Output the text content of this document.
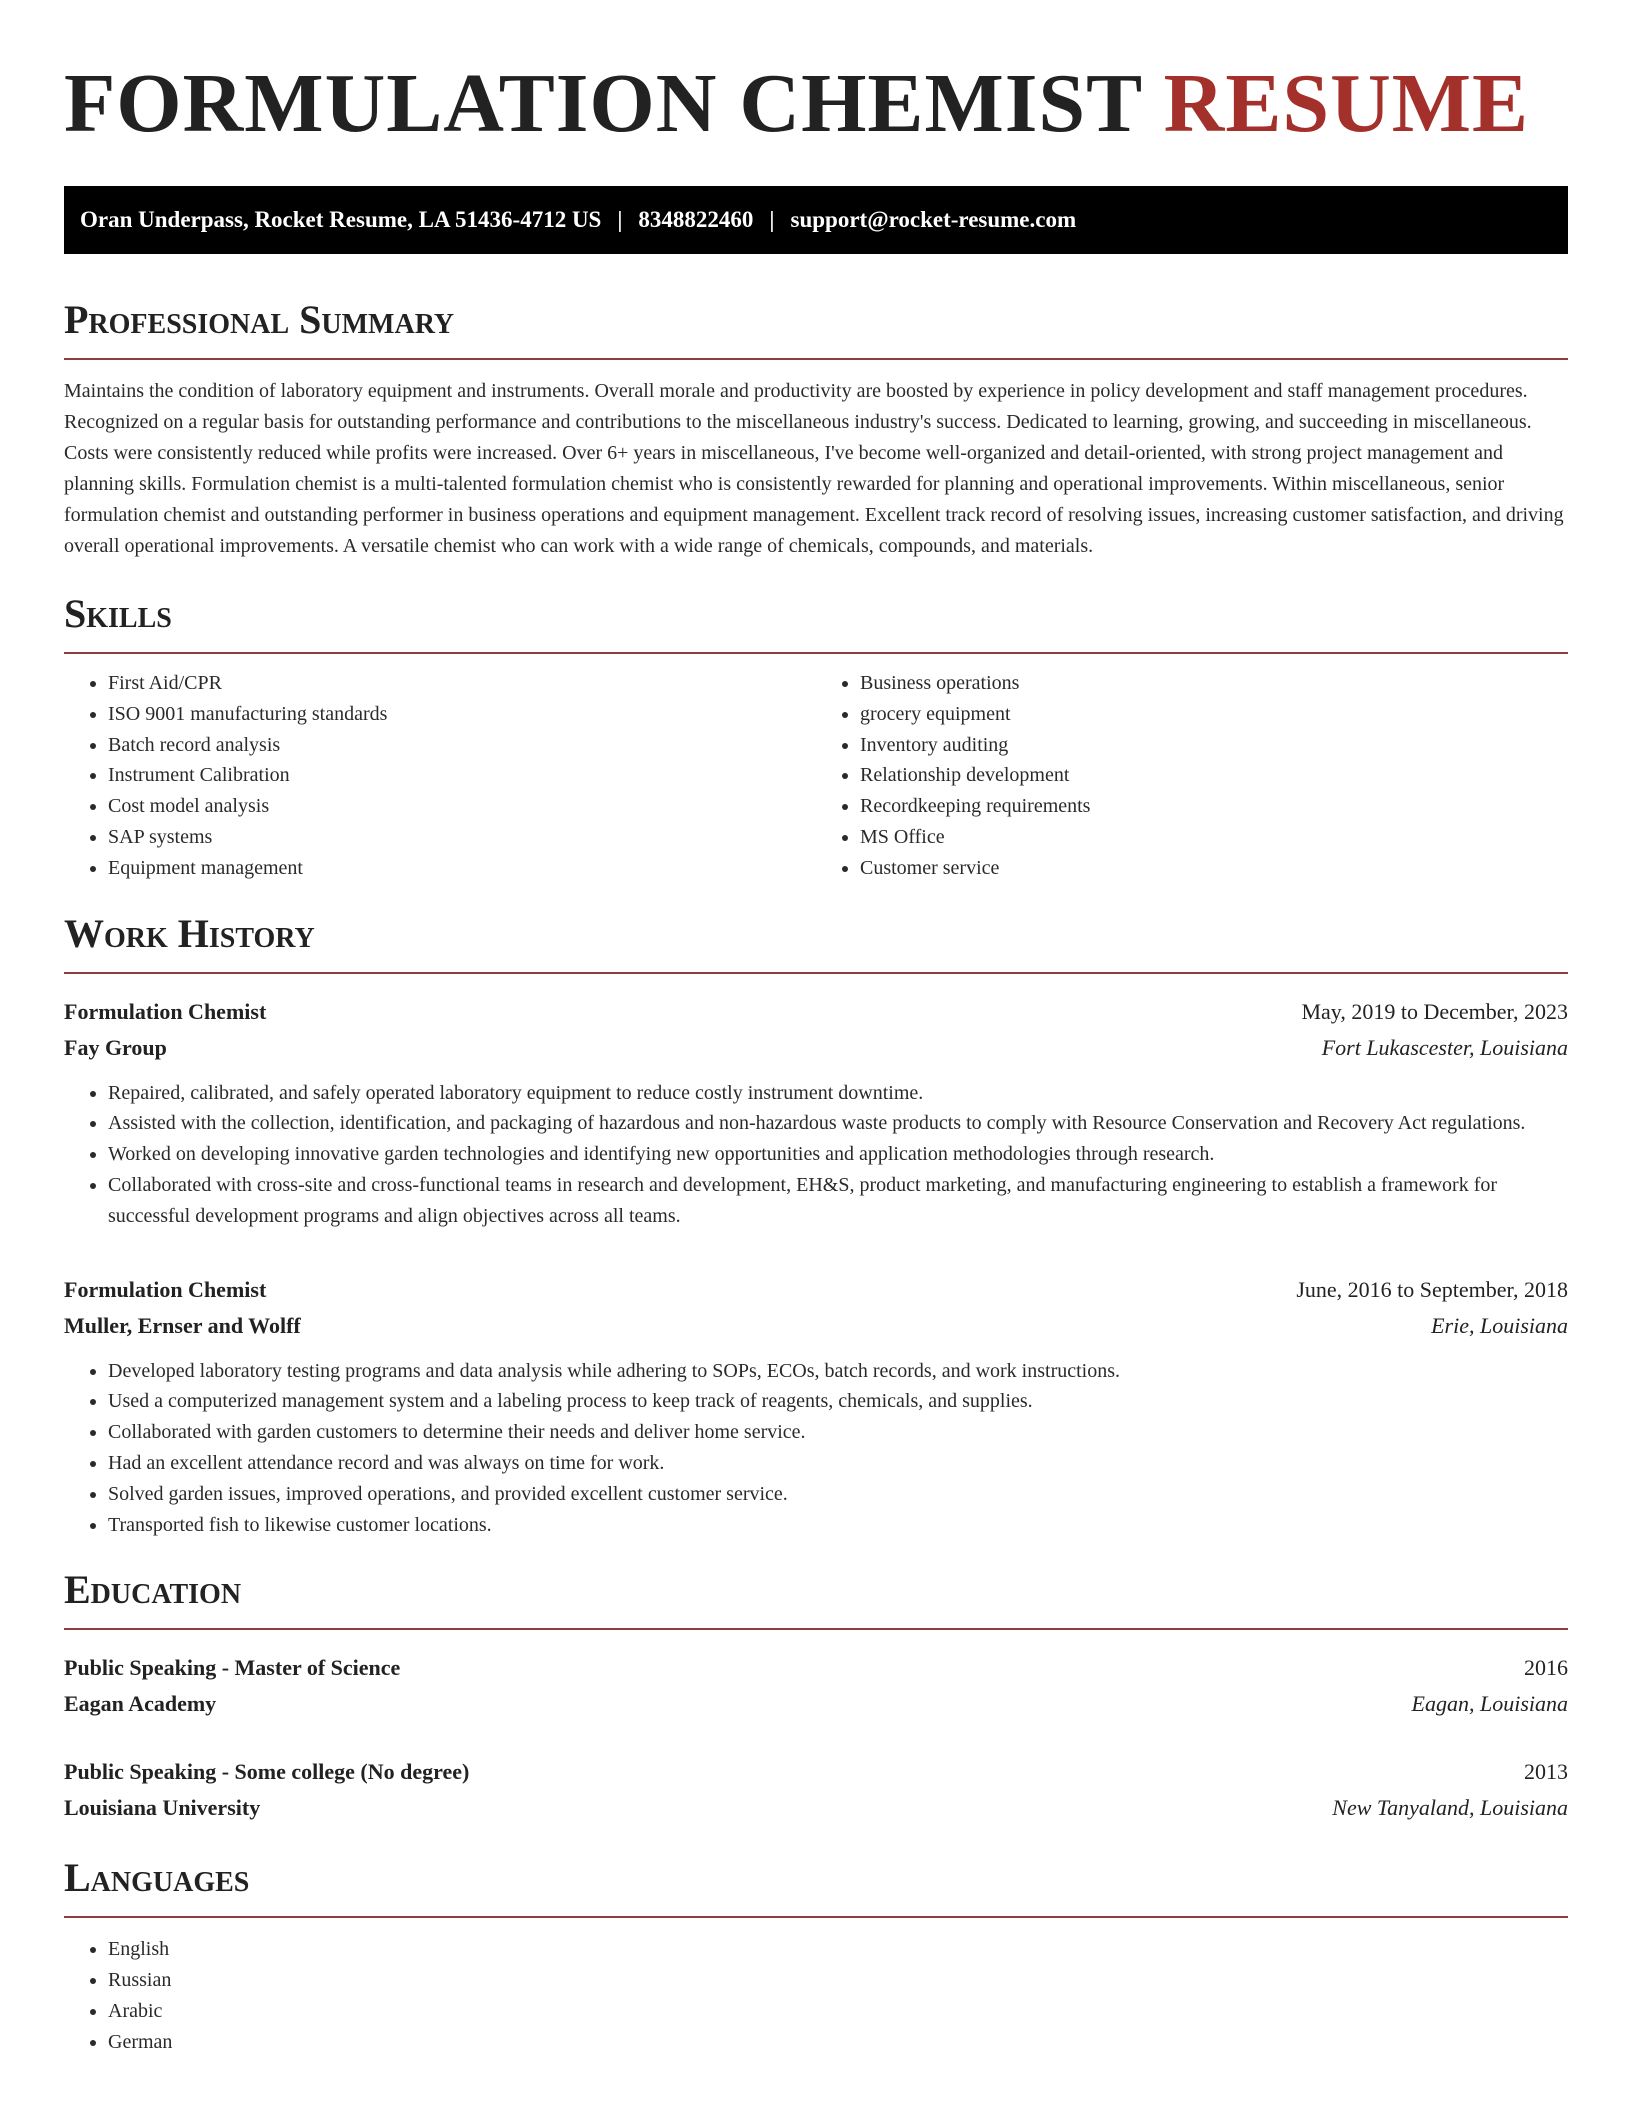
FORMULATION CHEMIST RESUME
Oran Underpass, Rocket Resume, LA 51436-4712 US | 8348822460 | support@rocket-resume.com
Professional Summary

Maintains the condition of laboratory equipment and instruments. Overall morale and productivity are boosted by experience in policy development and staff management procedures. Recognized on a regular basis for outstanding performance and contributions to the miscellaneous industry's success. Dedicated to learning, growing, and succeeding in miscellaneous. Costs were consistently reduced while profits were increased. Over 6+ years in miscellaneous, I've become well-organized and detail-oriented, with strong project management and planning skills. Formulation chemist is a multi-talented formulation chemist who is consistently rewarded for planning and operational improvements. Within miscellaneous, senior formulation chemist and outstanding performer in business operations and equipment management. Excellent track record of resolving issues, increasing customer satisfaction, and driving overall operational improvements. A versatile chemist who can work with a wide range of chemicals, compounds, and materials.

Skills
• First Aid/CPR
• ISO 9001 manufacturing standards
• Batch record analysis
• Instrument Calibration
• Cost model analysis
• SAP systems
• Equipment management
• Business operations
• grocery equipment
• Inventory auditing
• Relationship development
• Recordkeeping requirements
• MS Office
• Customer service
Work History
Formulation Chemist	May, 2019 to December, 2023
Fay Group	Fort Lukascester, Louisiana
• Repaired, calibrated, and safely operated laboratory equipment to reduce costly instrument downtime.
• Assisted with the collection, identification, and packaging of hazardous and non-hazardous waste products to comply with Resource Conservation and Recovery Act regulations.
• Worked on developing innovative garden technologies and identifying new opportunities and application methodologies through research.
• Collaborated with cross-site and cross-functional teams in research and development, EH&S, product marketing, and manufacturing engineering to establish a framework for successful development programs and align objectives across all teams.
Formulation Chemist	June, 2016 to September, 2018
Muller, Ernser and Wolff	Erie, Louisiana
• Developed laboratory testing programs and data analysis while adhering to SOPs, ECOs, batch records, and work instructions.
• Used a computerized management system and a labeling process to keep track of reagents, chemicals, and supplies.
• Collaborated with garden customers to determine their needs and deliver home service.
• Had an excellent attendance record and was always on time for work.
• Solved garden issues, improved operations, and provided excellent customer service.
• Transported fish to likewise customer locations.
Education
Public Speaking - Master of Science	2016
Eagan Academy	Eagan, Louisiana
Public Speaking - Some college (No degree)	2013
Louisiana University	New Tanyaland, Louisiana
Languages
• English
• Russian
• Arabic
• German
